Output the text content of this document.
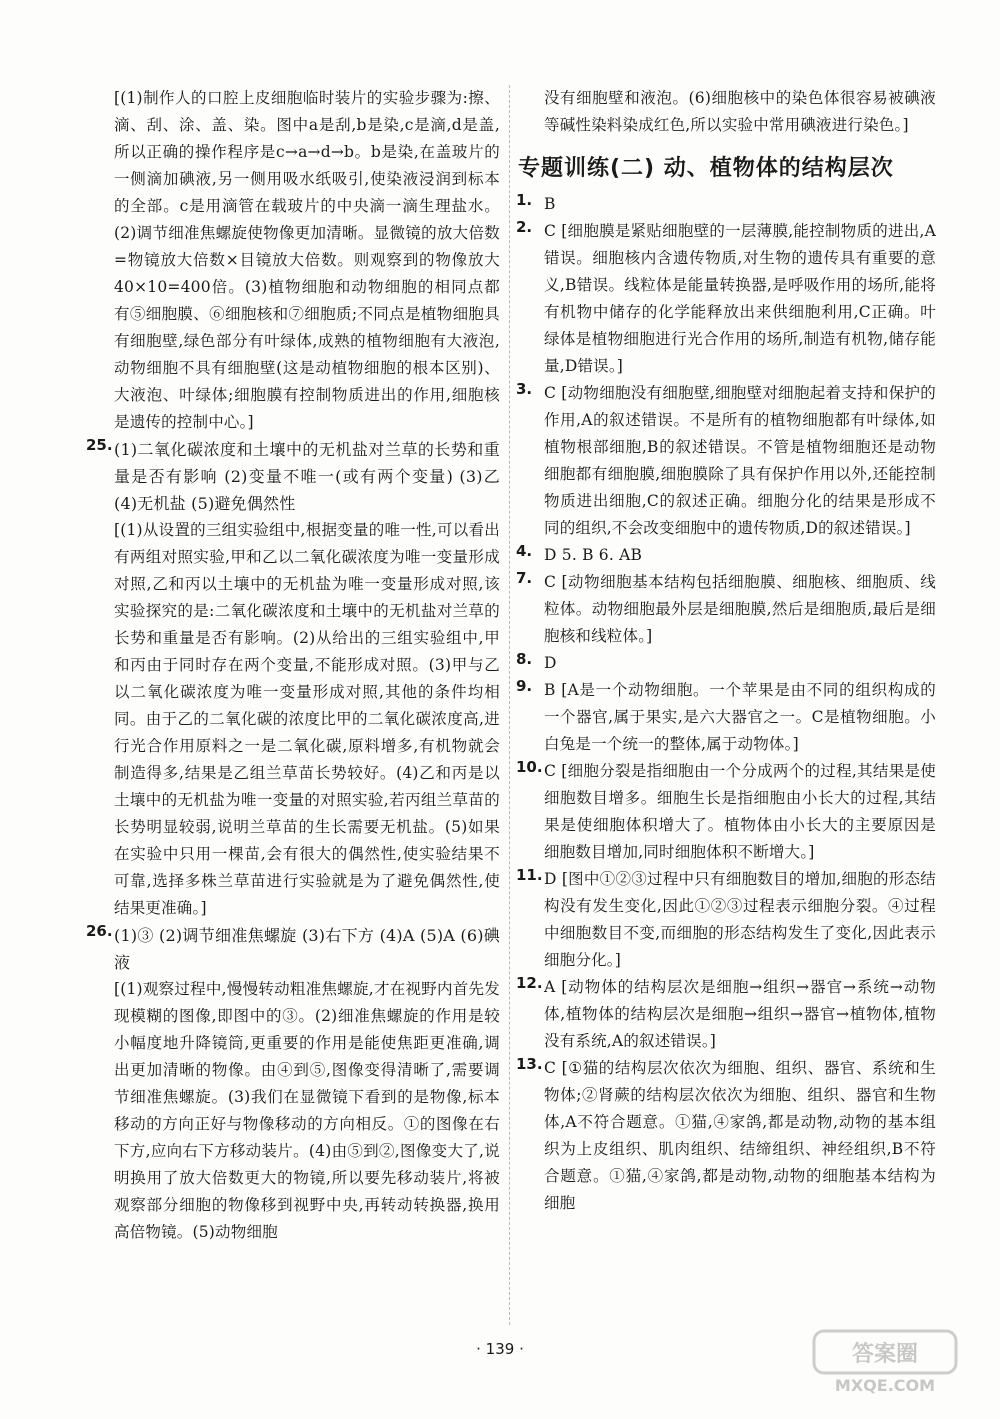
[(1)制作人的口腔上皮细胞临时装片的实验步骤为:擦、滴、刮、涂、盖、染。图中a是刮,b是染,c是滴,d是盖,所以正确的操作程序是c→a→d→b。b是染,在盖玻片的一侧滴加碘液,另一侧用吸水纸吸引,使染液浸润到标本的全部。c是用滴管在载玻片的中央滴一滴生理盐水。(2)调节细准焦螺旋使物像更加清晰。显微镜的放大倍数=物镜放大倍数×目镜放大倍数。则观察到的物像放大40×10=400倍。(3)植物细胞和动物细胞的相同点都有⑤细胞膜、⑥细胞核和⑦细胞质;不同点是植物细胞具有细胞壁,绿色部分有叶绿体,成熟的植物细胞有大液泡,动物细胞不具有细胞壁(这是动植物细胞的根本区别)、大液泡、叶绿体;细胞膜有控制物质进出的作用,细胞核是遗传的控制中心。]

25. (1)二氧化碳浓度和土壤中的无机盐对兰草的长势和重量是否有影响 (2)变量不唯一(或有两个变量) (3)乙 (4)无机盐 (5)避免偶然性

[(1)从设置的三组实验组中,根据变量的唯一性,可以看出有两组对照实验,甲和乙以二氧化碳浓度为唯一变量形成对照,乙和丙以土壤中的无机盐为唯一变量形成对照,该实验探究的是:二氧化碳浓度和土壤中的无机盐对兰草的长势和重量是否有影响。(2)从给出的三组实验组中,甲和丙由于同时存在两个变量,不能形成对照。(3)甲与乙以二氧化碳浓度为唯一变量形成对照,其他的条件均相同。由于乙的二氧化碳的浓度比甲的二氧化碳浓度高,进行光合作用原料之一是二氧化碳,原料增多,有机物就会制造得多,结果是乙组兰草苗长势较好。(4)乙和丙是以土壤中的无机盐为唯一变量的对照实验,若丙组兰草苗的长势明显较弱,说明兰草苗的生长需要无机盐。(5)如果在实验中只用一棵苗,会有很大的偶然性,使实验结果不可靠,选择多株兰草苗进行实验就是为了避免偶然性,使结果更准确。]

26. (1)③ (2)调节细准焦螺旋 (3)右下方 (4)A (5)A (6)碘液

[(1)观察过程中,慢慢转动粗准焦螺旋,才在视野内首先发现模糊的图像,即图中的③。(2)细准焦螺旋的作用是较小幅度地升降镜筒,更重要的作用是能使焦距更准确,调出更加清晰的物像。由④到⑤,图像变得清晰了,需要调节细准焦螺旋。(3)我们在显微镜下看到的是物像,标本移动的方向正好与物像移动的方向相反。①的图像在右下方,应向右下方移动装片。(4)由⑤到②,图像变大了,说明换用了放大倍数更大的物镜,所以要先移动装片,将被观察部分细胞的物像移到视野中央,再转动转换器,换用高倍物镜。(5)动物细胞

没有细胞壁和液泡。(6)细胞核中的染色体很容易被碘液等碱性染料染成红色,所以实验中常用碘液进行染色。]

专题训练(二) 动、植物体的结构层次
1. B

2. C [细胞膜是紧贴细胞壁的一层薄膜,能控制物质的进出,A错误。细胞核内含遗传物质,对生物的遗传具有重要的意义,B错误。线粒体是能量转换器,是呼吸作用的场所,能将有机物中储存的化学能释放出来供细胞利用,C正确。叶绿体是植物细胞进行光合作用的场所,制造有机物,储存能量,D错误。]

3. C [动物细胞没有细胞壁,细胞壁对细胞起着支持和保护的作用,A的叙述错误。不是所有的植物细胞都有叶绿体,如植物根部细胞,B的叙述错误。不管是植物细胞还是动物细胞都有细胞膜,细胞膜除了具有保护作用以外,还能控制物质进出细胞,C的叙述正确。细胞分化的结果是形成不同的组织,不会改变细胞中的遗传物质,D的叙述错误。]

4. D 5. B 6. AB

7. C [动物细胞基本结构包括细胞膜、细胞核、细胞质、线粒体。动物细胞最外层是细胞膜,然后是细胞质,最后是细胞核和线粒体。]

8. D

9. B [A是一个动物细胞。一个苹果是由不同的组织构成的一个器官,属于果实,是六大器官之一。C是植物细胞。小白兔是一个统一的整体,属于动物体。]

10. C [细胞分裂是指细胞由一个分成两个的过程,其结果是使细胞数目增多。细胞生长是指细胞由小长大的过程,其结果是使细胞体积增大了。植物体由小长大的主要原因是细胞数目增加,同时细胞体积不断增大。]

11. D [图中①②③过程中只有细胞数目的增加,细胞的形态结构没有发生变化,因此①②③过程表示细胞分裂。④过程中细胞数目不变,而细胞的形态结构发生了变化,因此表示细胞分化。]

12. A [动物体的结构层次是细胞→组织→器官→系统→动物体,植物体的结构层次是细胞→组织→器官→植物体,植物没有系统,A的叙述错误。]

13. C [①猫的结构层次依次为细胞、组织、器官、系统和生物体;②肾蕨的结构层次依次为细胞、组织、器官和生物体,A不符合题意。①猫,④家鸽,都是动物,动物的基本组织为上皮组织、肌肉组织、结缔组织、神经组织,B不符合题意。①猫,④家鸽,都是动物,动物的细胞基本结构为细胞

· 139 ·	答案圈
MXQE.COM
